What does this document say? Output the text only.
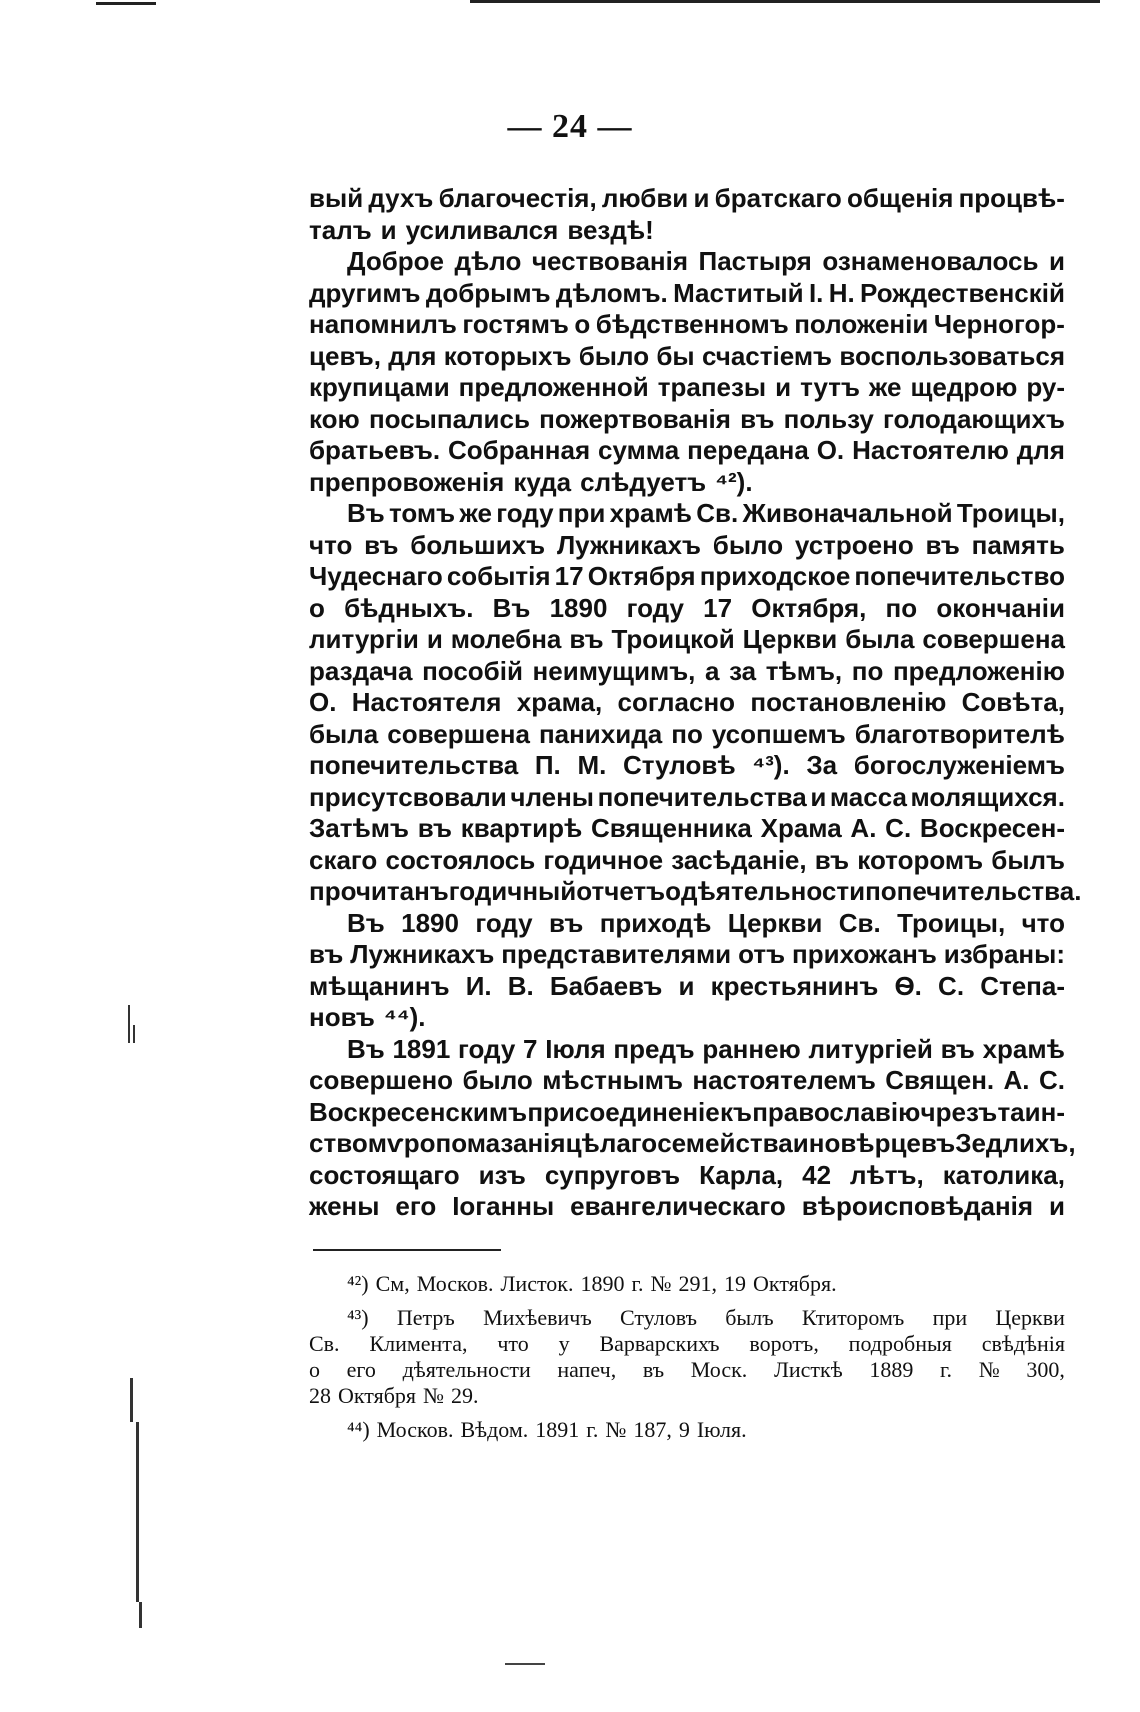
— 24 —
вый духъ благочестія, любви и братскаго общенія процвѣ-
талъ и усиливался вездѣ!
Доброе дѣло чествованія Пастыря ознаменовалось и
другимъ добрымъ дѣломъ. Маститый І. Н. Рождественскій
напомнилъ гостямъ о бѣдственномъ положеніи Черногор-
цевъ, для которыхъ было бы счастіемъ воспользоваться
крупицами предложенной трапезы и тутъ же щедрою ру-
кою посыпались пожертвованія въ пользу голодающихъ
братьевъ. Собранная сумма передана О. Настоятелю для
препровоженія куда слѣдуетъ ⁴²).
Въ томъ же году при храмѣ Св. Живоначальной Троицы,
что въ большихъ Лужникахъ было устроено въ память
Чудеснаго событія 17 Октября приходское попечительство
о бѣдныхъ. Въ 1890 году 17 Октября, по окончаніи
литургіи и молебна въ Троицкой Церкви была совершена
раздача пособій неимущимъ, а за тѣмъ, по предложенію
О. Настоятеля храма, согласно постановленію Совѣта,
была совершена панихида по усопшемъ благотворителѣ
попечительства П. М. Стуловѣ ⁴³). За богослуженіемъ
присутсвовали члены попечительства и масса молящихся.
Затѣмъ въ квартирѣ Священника Храма А. С. Воскресен-
скаго состоялось годичное засѣданіе, въ которомъ былъ
прочитанъ годичный отчетъ о дѣятельности попечительства.
Въ 1890 году въ приходѣ Церкви Св. Троицы, что
въ Лужникахъ представителями отъ прихожанъ избраны:
мѣщанинъ И. В. Бабаевъ и крестьянинъ Ѳ. С. Степа-
новъ ⁴⁴).
Въ 1891 году 7 Іюля предъ раннею литургіей въ храмѣ
совершено было мѣстнымъ настоятелемъ Священ. А. С.
Воскресенскимъ присоединеніе къ православію чрезъ таин-
ство мѵропомазанія цѣлаго семейства иновѣрцевъ Зедлихъ,
состоящаго изъ супруговъ Карла, 42 лѣтъ, католика,
жены его Іоганны евангелическаго вѣроисповѣданія и
⁴²) См, Москов. Листок. 1890 г. № 291, 19 Октября.
⁴³) Петръ Михѣевичъ Стуловъ былъ Ктиторомъ при Церкви
Св. Климента, что у Варварскихъ воротъ, подробныя свѣдѣнія
о его дѣятельности напеч, въ Моск. Листкѣ 1889 г. № 300,
28 Октября № 29.
⁴⁴) Москов. Вѣдом. 1891 г. № 187, 9 Іюля.
